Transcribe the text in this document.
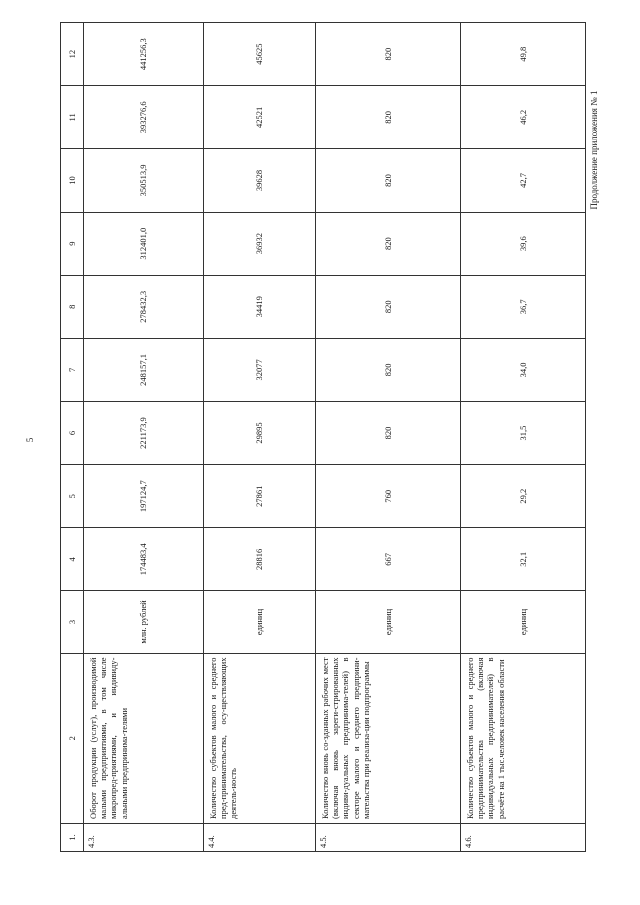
5
Продолжение приложения № 1
1.	2	3	4	5	6	7	8	9	10	11	12
4.3.	Оборот продукции (услуг), производимой малыми предприятиями, в том числе микропред-приятиями, и индивиду-альными предпринима-телями	млн. рублей	174483,4	197124,7	221173,9	248157,1	278432,3	312401,0	350513,9	393276,6	441256,3
4.4.	Количество субъектов малого и среднего пред-принимательства, осу-ществляющих деятель-ность	единиц	28816	27861	29895	32077	34419	36932	39628	42521	45625
4.5.	Количество вновь со-зданных рабочих мест (включая вновь зареги-стрированных индиви-дуальных предпринима-телей) в секторе малого и среднего предприни-мательства при реализа-ции подпрограммы	единиц	667	760	820	820	820	820	820	820	820
4.6.	Количество субъектов малого и среднего предпринимательства (включая индивидуальных предпринимателей) в расчёте на 1 тыс.человек населения области	единиц	32,1	29,2	31,5	34,0	36,7	39,6	42,7	46,2	49,8
